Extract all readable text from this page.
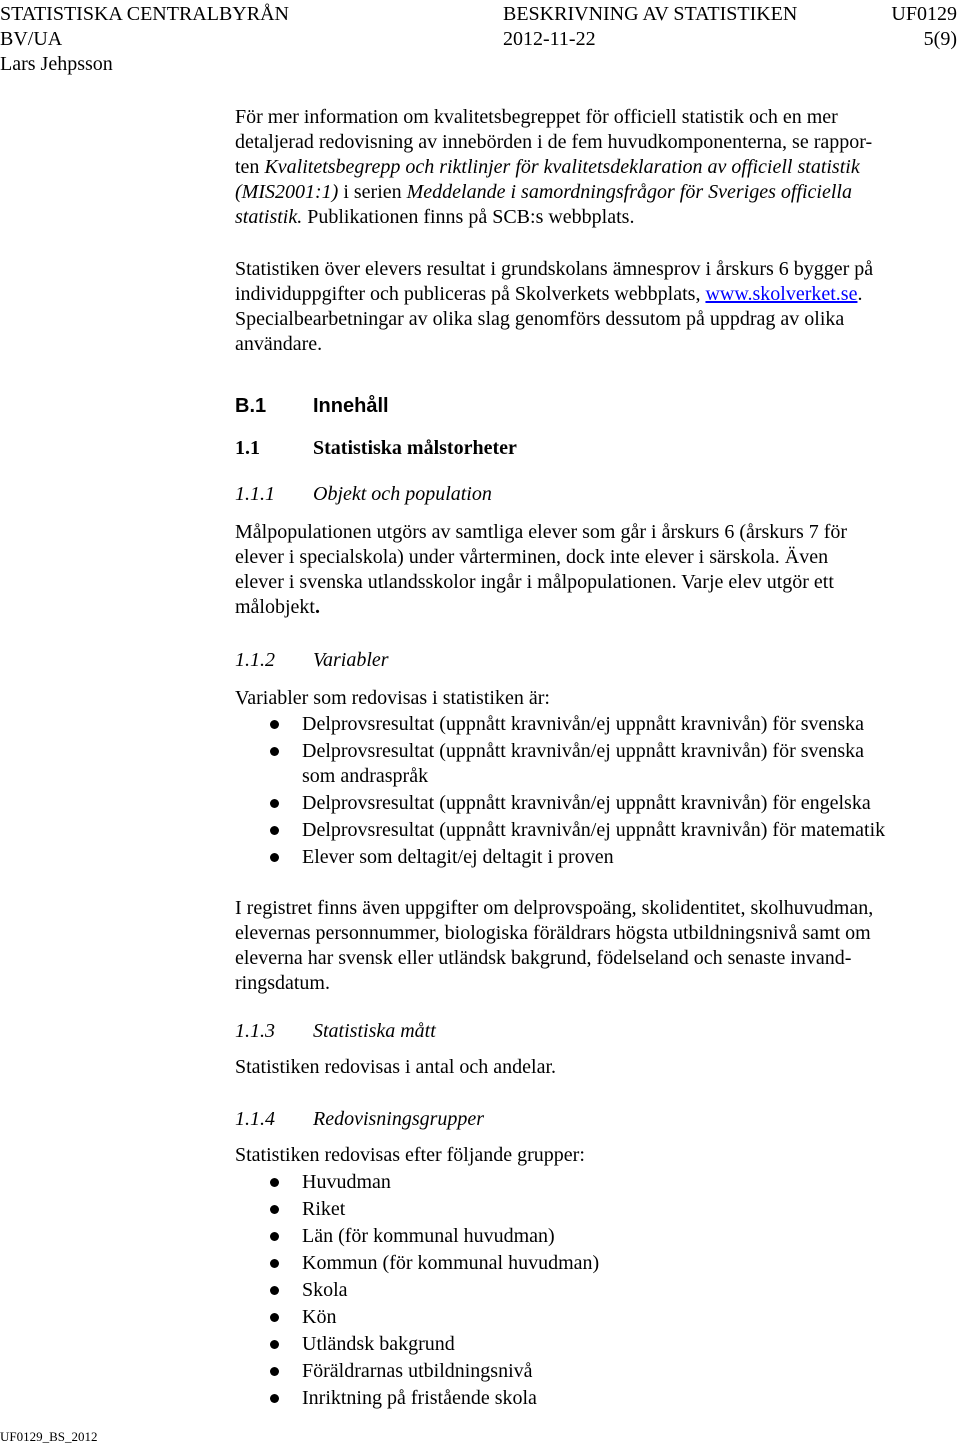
STATISTISKA CENTRALBYRÅN	BESKRIVNING AV STATISTIKEN	UF0129
BV/UA	2012-11-22	5(9)
Lars Jehpsson
För mer information om kvalitetsbegreppet för officiell statistik och en mer
detaljerad redovisning av innebörden i de fem huvudkomponenterna, se rappor-
ten Kvalitetsbegrepp och riktlinjer för kvalitetsdeklaration av officiell statistik
(MIS2001:1) i serien Meddelande i samordningsfrågor för Sveriges officiella
statistik. Publikationen finns på SCB:s webbplats.
Statistiken över elevers resultat i grundskolans ämnesprov i årskurs 6 bygger på
individuppgifter och publiceras på Skolverkets webbplats, www.skolverket.se.
Specialbearbetningar av olika slag genomförs dessutom på uppdrag av olika
användare.
B.1 Innehåll
1.1	Statistiska målstorheter
1.1.1 Objekt och population
Målpopulationen utgörs av samtliga elever som går i årskurs 6 (årskurs 7 för
elever i specialskola) under vårterminen, dock inte elever i särskola. Även
elever i svenska utlandsskolor ingår i målpopulationen. Varje elev utgör ett
målobjekt.
1.1.2 Variabler
Variabler som redovisas i statistiken är:
Delprovsresultat (uppnått kravnivån/ej uppnått kravnivån) för svenska
Delprovsresultat (uppnått kravnivån/ej uppnått kravnivån) för svenska
som andraspråk
Delprovsresultat (uppnått kravnivån/ej uppnått kravnivån) för engelska
Delprovsresultat (uppnått kravnivån/ej uppnått kravnivån) för matematik
Elever som deltagit/ej deltagit i proven
I registret finns även uppgifter om delprovspoäng, skolidentitet, skolhuvudman,
elevernas personnummer, biologiska föräldrars högsta utbildningsnivå samt om
eleverna har svensk eller utländsk bakgrund, födelseland och senaste invand-
ringsdatum.
1.1.3 Statistiska mått
Statistiken redovisas i antal och andelar.
1.1.4 Redovisningsgrupper
Statistiken redovisas efter följande grupper:
Huvudman
Riket
Län (för kommunal huvudman)
Kommun (för kommunal huvudman)
Skola
Kön
Utländsk bakgrund
Föräldrarnas utbildningsnivå
Inriktning på fristående skola
UF0129_BS_2012
